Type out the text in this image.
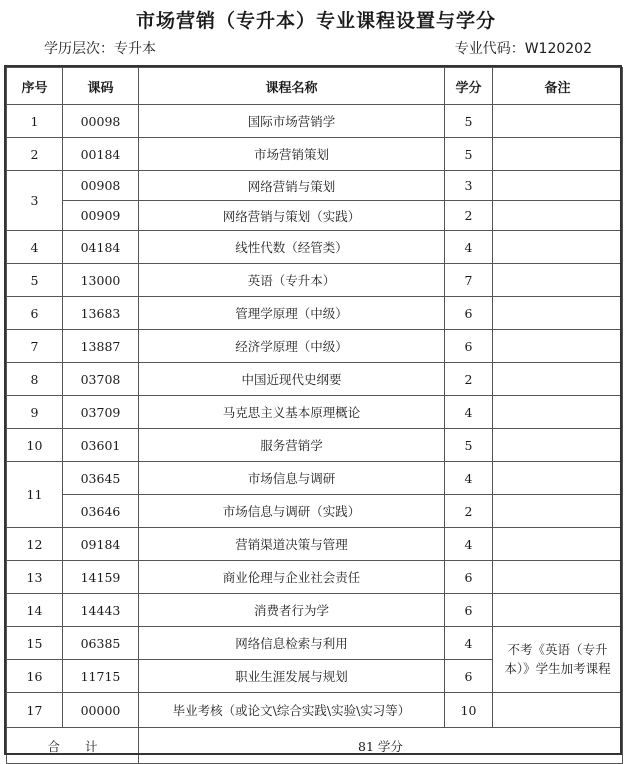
市场营销（专升本）专业课程设置与学分
学历层次：专升本	专业代码：W120202
序号	课码	课程名称	学分	备注
1	00098	国际市场营销学	5	
2	00184	市场营销策划	5	
3	00908	网络营销与策划	3	
	00909	网络营销与策划（实践）	2	
4	04184	线性代数（经管类）	4	
5	13000	英语（专升本）	7	
6	13683	管理学原理（中级）	6	
7	13887	经济学原理（中级）	6	
8	03708	中国近现代史纲要	2	
9	03709	马克思主义基本原理概论	4	
10	03601	服务营销学	5	
11	03645	市场信息与调研	4	
	03646	市场信息与调研（实践）	2	
12	09184	营销渠道决策与管理	4	
13	14159	商业伦理与企业社会责任	6	
14	14443	消费者行为学	6	
15	06385	网络信息检索与利用	4	不考《英语（专升本）》学生加考课程
16	11715	职业生涯发展与规划	6	
17	00000	毕业考核（或论文\综合实践\实验\实习等）	10	
合　　计		81 学分		
